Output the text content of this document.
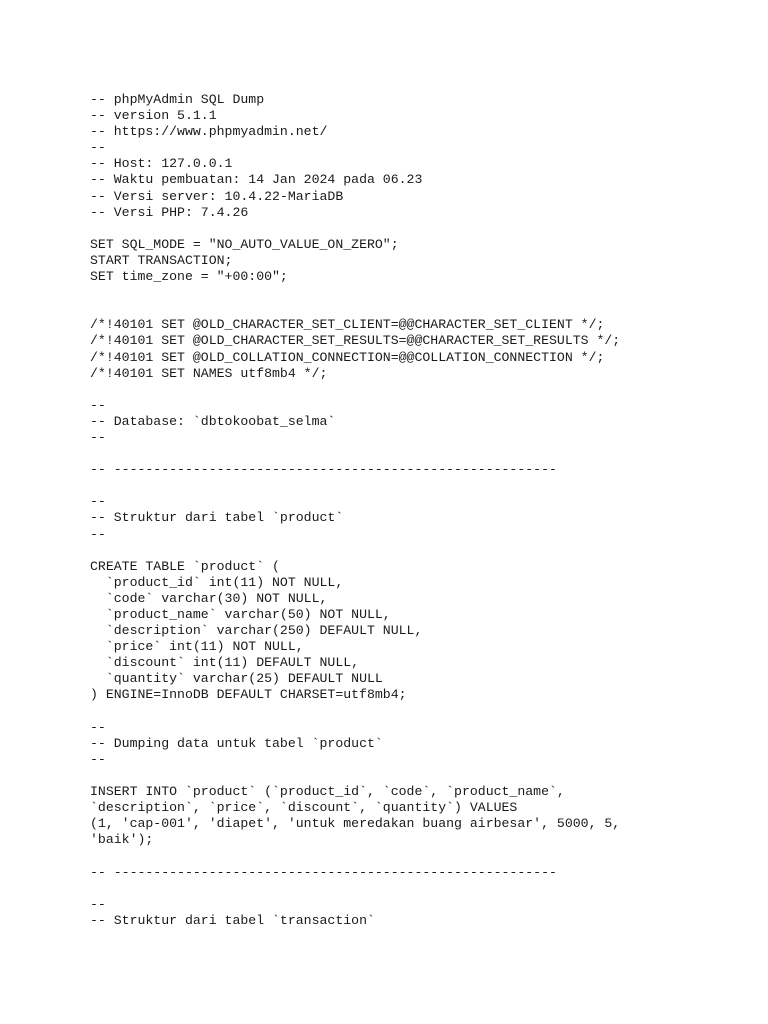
-- phpMyAdmin SQL Dump
-- version 5.1.1
-- https://www.phpmyadmin.net/
--
-- Host: 127.0.0.1
-- Waktu pembuatan: 14 Jan 2024 pada 06.23
-- Versi server: 10.4.22-MariaDB
-- Versi PHP: 7.4.26
SET SQL_MODE = "NO_AUTO_VALUE_ON_ZERO";
START TRANSACTION;
SET time_zone = "+00:00";
/*!40101 SET @OLD_CHARACTER_SET_CLIENT=@@CHARACTER_SET_CLIENT */;
/*!40101 SET @OLD_CHARACTER_SET_RESULTS=@@CHARACTER_SET_RESULTS */;
/*!40101 SET @OLD_COLLATION_CONNECTION=@@COLLATION_CONNECTION */;
/*!40101 SET NAMES utf8mb4 */;
--
-- Database: `dbtokoobat_selma`
--
-- --------------------------------------------------------
--
-- Struktur dari tabel `product`
--
CREATE TABLE `product` (
`product_id` int(11) NOT NULL,
`code` varchar(30) NOT NULL,
`product_name` varchar(50) NOT NULL,
`description` varchar(250) DEFAULT NULL,
`price` int(11) NOT NULL,
`discount` int(11) DEFAULT NULL,
`quantity` varchar(25) DEFAULT NULL
) ENGINE=InnoDB DEFAULT CHARSET=utf8mb4;
--
-- Dumping data untuk tabel `product`
--
INSERT INTO `product` (`product_id`, `code`, `product_name`,
`description`, `price`, `discount`, `quantity`) VALUES
(1, 'cap-001', 'diapet', 'untuk meredakan buang airbesar', 5000, 5,
'baik');
-- --------------------------------------------------------
--
-- Struktur dari tabel `transaction`
